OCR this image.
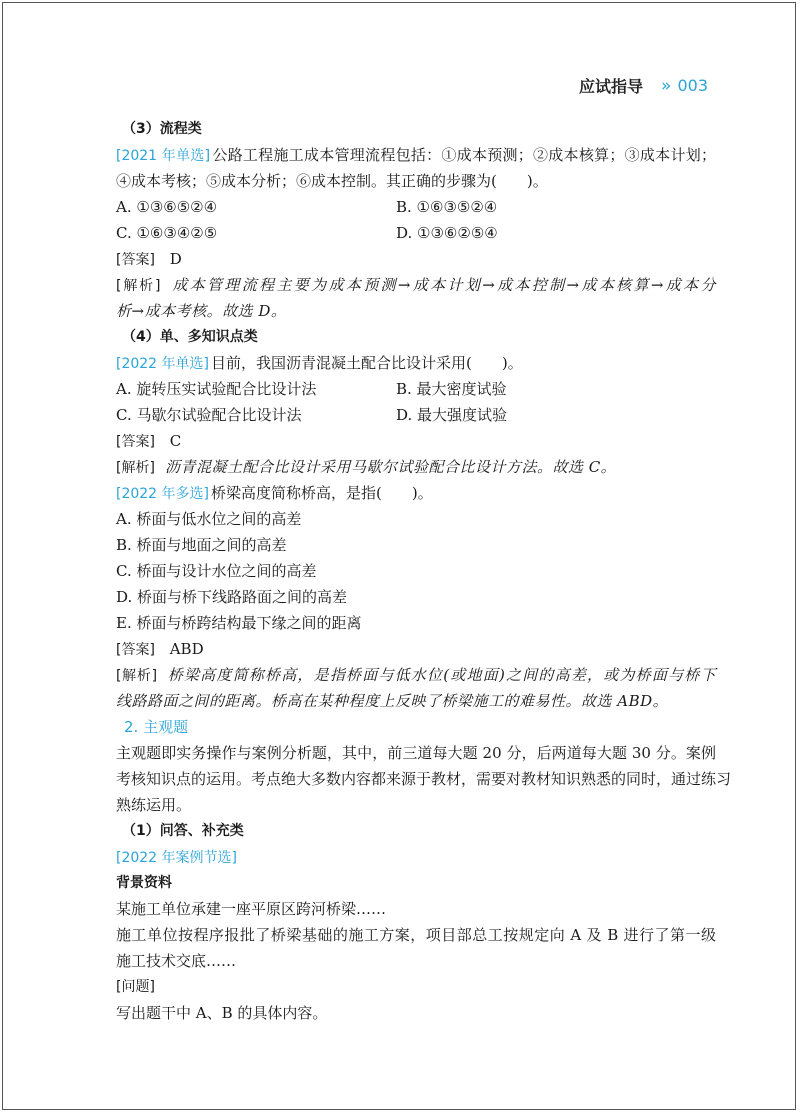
应试指导 » 003
（3）流程类
[2021 年单选] 公路工程施工成本管理流程包括：①成本预测；②成本核算；③成本计划；
④成本考核；⑤成本分析；⑥成本控制。其正确的步骤为(　　)。
A. ①③⑥⑤②④	B. ①⑥③⑤②④
C. ①⑥③④②⑤	D. ①③⑥②⑤④
[答案] D
[解析] 成本管理流程主要为成本预测→成本计划→成本控制→成本核算→成本分
析→成本考核。故选 D。
（4）单、多知识点类
[2022 年单选] 目前，我国沥青混凝土配合比设计采用(　　)。
A. 旋转压实试验配合比设计法	B. 最大密度试验
C. 马歇尔试验配合比设计法	D. 最大强度试验
[答案] C
[解析] 沥青混凝土配合比设计采用马歇尔试验配合比设计方法。故选 C。
[2022 年多选] 桥梁高度简称桥高，是指(　　)。
A. 桥面与低水位之间的高差
B. 桥面与地面之间的高差
C. 桥面与设计水位之间的高差
D. 桥面与桥下线路路面之间的高差
E. 桥面与桥跨结构最下缘之间的距离
[答案] ABD
[解析] 桥梁高度简称桥高，是指桥面与低水位(或地面)之间的高差，或为桥面与桥下
线路路面之间的距离。桥高在某种程度上反映了桥梁施工的难易性。故选 ABD。
2. 主观题
主观题即实务操作与案例分析题，其中，前三道每大题 20 分，后两道每大题 30 分。案例
考核知识点的运用。考点绝大多数内容都来源于教材，需要对教材知识熟悉的同时，通过练习
熟练运用。
（1）问答、补充类
[2022 年案例节选]
背景资料
某施工单位承建一座平原区跨河桥梁……
施工单位按程序报批了桥梁基础的施工方案，项目部总工按规定向 A 及 B 进行了第一级
施工技术交底……
[问题]
写出题干中 A、B 的具体内容。
